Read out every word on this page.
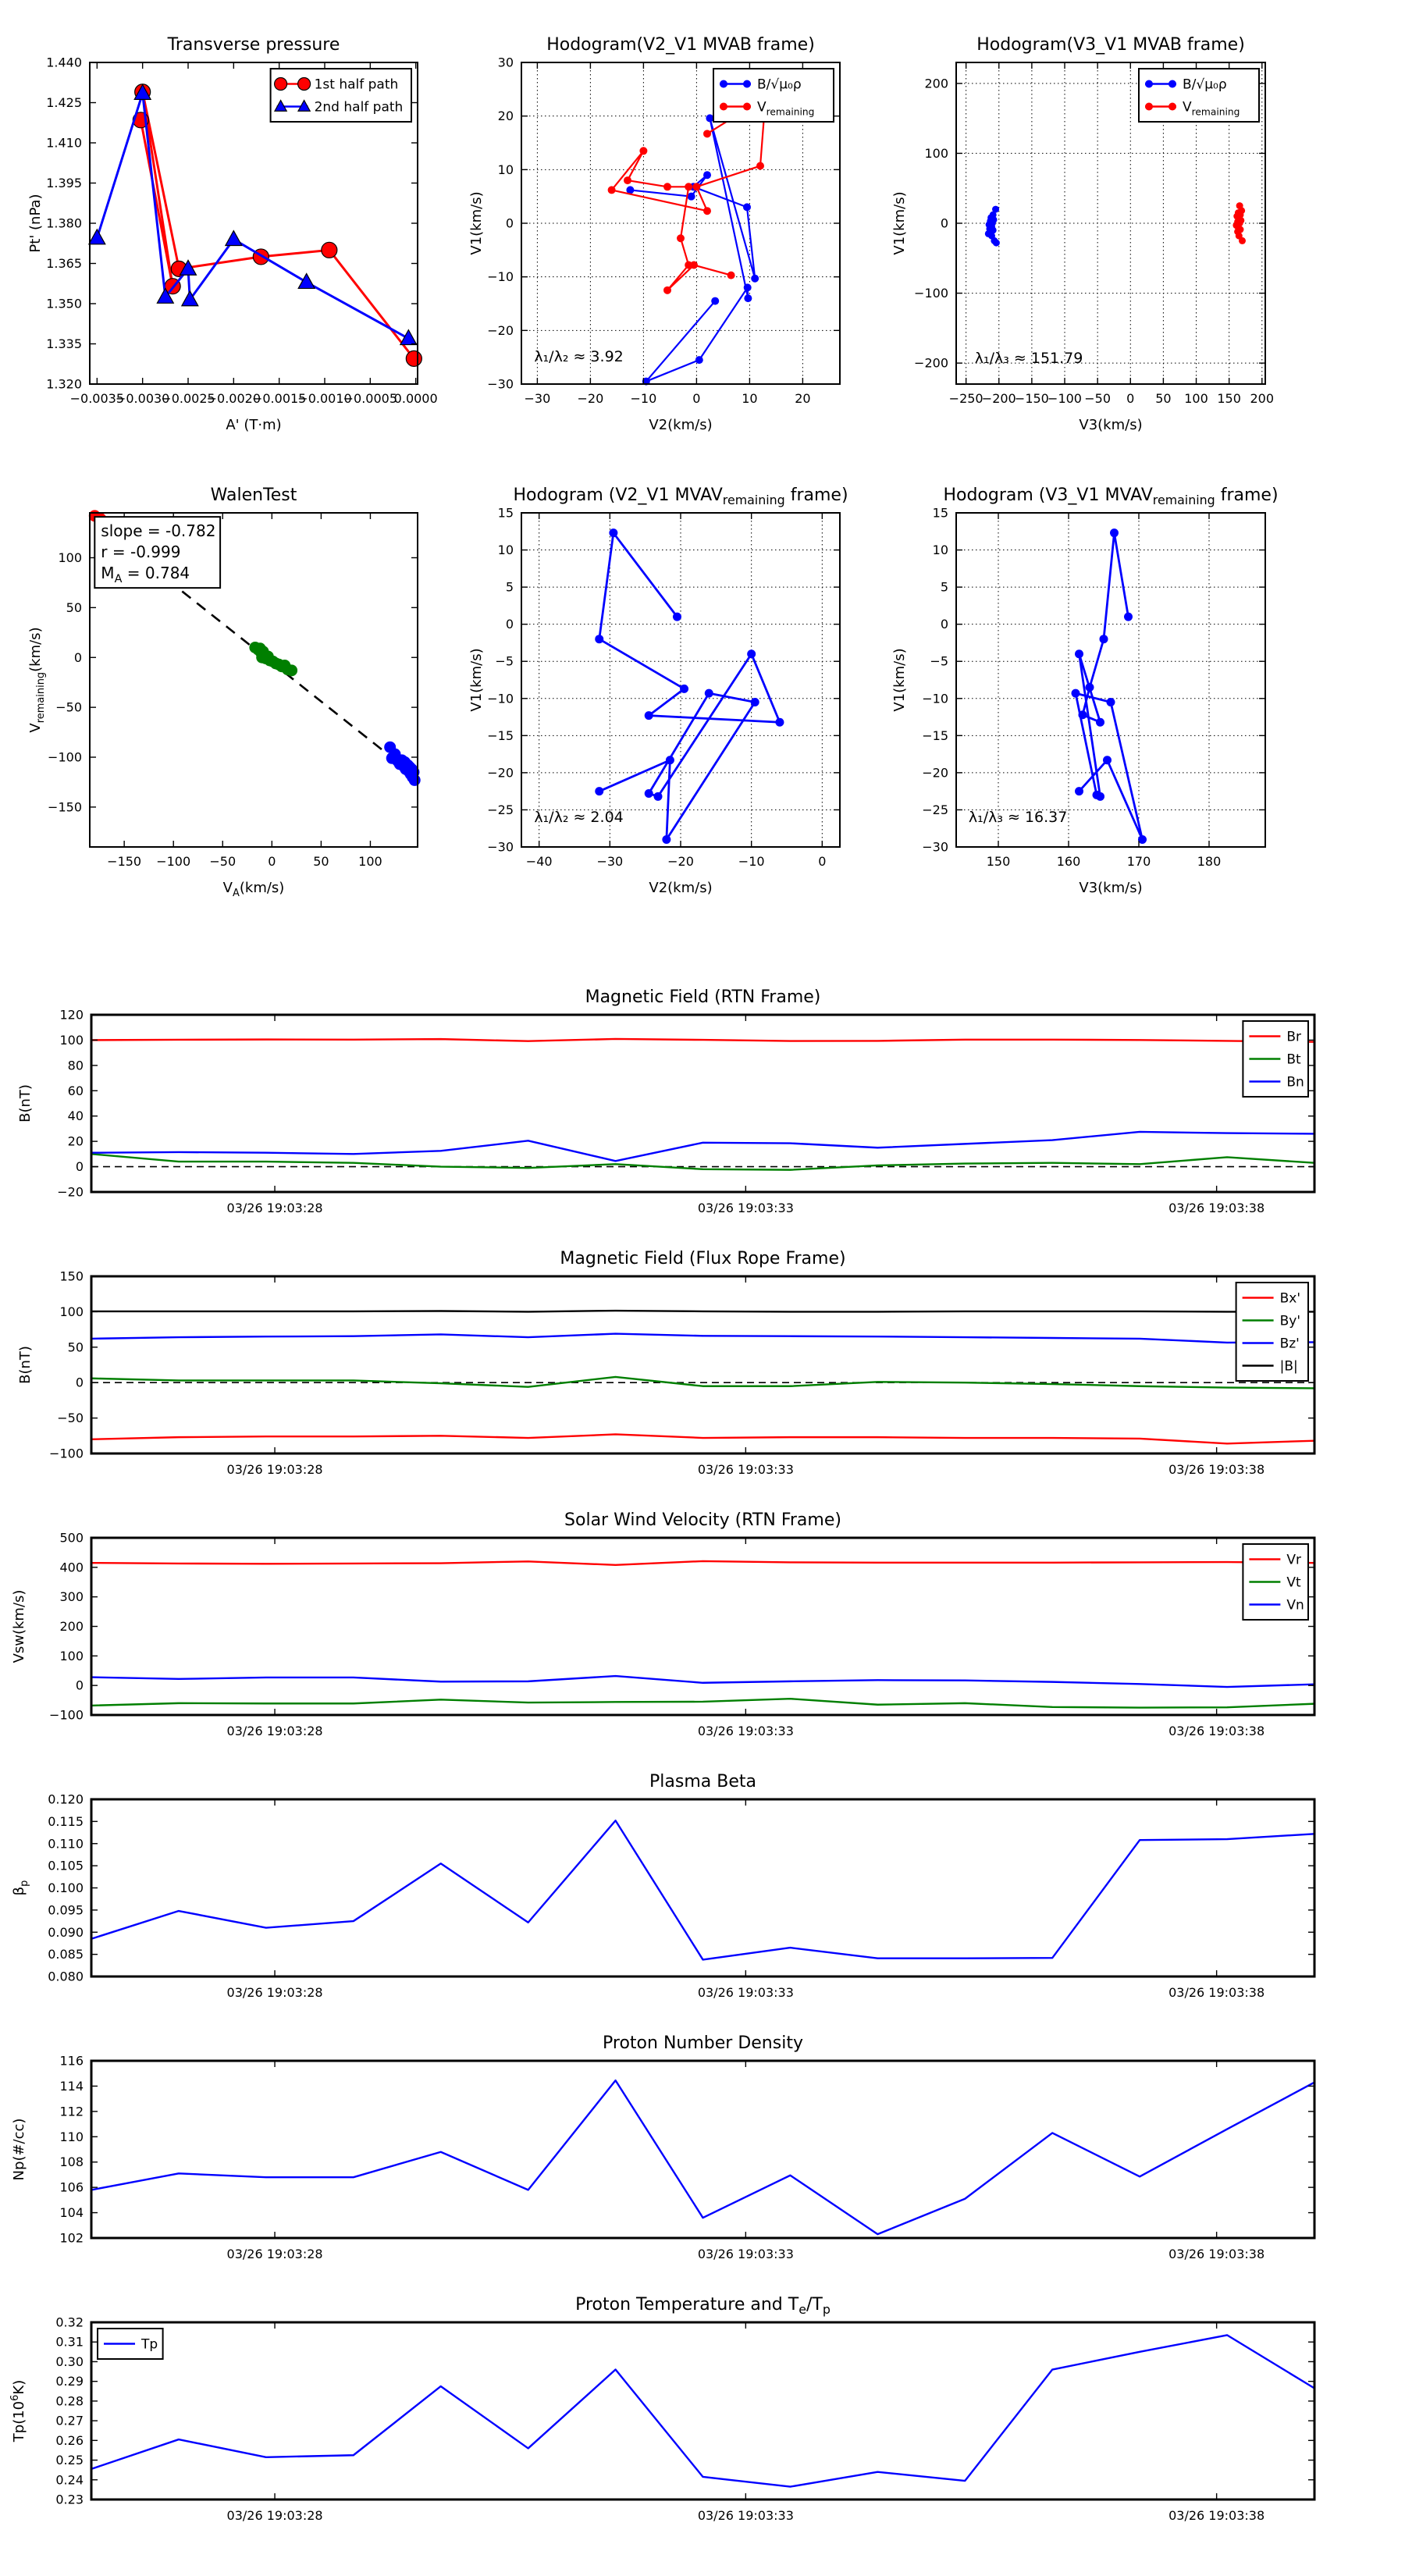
−0.0035
−0.0030
−0.0025
−0.0020
−0.0015
−0.0010
−0.0005
0.0000
1.320
1.335
1.350
1.365
1.380
1.395
1.410
1.425
1.440
Transverse pressure
A' (T·m)
Pt' (nPa)
1st half path
2nd half path
−30 −20 −10	0	10	20
−30
−20
−10
0
10
20
30
Hodogram(V2_V1 MVAB frame)
V2(km/s)
V1(km/s)
B/√μ₀ρ
$V_{remaining}$
λ₁/λ₂ ≈ 3.92
−250
−200
−150
−100 −50 0 50 100 150 200
−200
−100
0
100
200
Hodogram(V3_V1 MVAB frame)
V3(km/s)
V1(km/s)
B/√μ₀ρ
$V_{remaining}$
λ₁/λ₃ ≈ 151.79
−150 −100 −50	0	50 100
−150
−100
−50
0
50
100
WalenTest
$V_A(km/s)$
$V_{remaining}(km/s)$
slope = -0.782
r = -0.999
$M_A = 0.784$
−40	−30	−20	−10	0
−30
−25
−20
−15
−10
−5
0
5
10
15
Hodogram (V2_V1 $MVAV_{remaining}$ frame)
V2(km/s)
V1(km/s)
λ₁/λ₂ ≈ 2.04
150	160	170	180
−30
−25
−20
−15
−10
−5
0
5
10
15
Hodogram (V3_V1 $MVAV_{remaining}$ frame)
V3(km/s)
V1(km/s)
λ₁/λ₃ ≈ 16.37
03/26 19:03:28	03/26 19:03:33	03/26 19:03:38
−20
0
20
40
60
80
100
120
Magnetic Field (RTN Frame)
B(nT)
Br
Bt
Bn
03/26 19:03:28	03/26 19:03:33	03/26 19:03:38
−100
−50
0
50
100
150
Magnetic Field (Flux Rope Frame)
B(nT)
Bx'
By'
Bz'
|B|
03/26 19:03:28	03/26 19:03:33	03/26 19:03:38
−100
0
100
200
300
400
500
Solar Wind Velocity (RTN Frame)
Vsw(km/s)
Vr
Vt
Vn
03/26 19:03:28	03/26 19:03:33	03/26 19:03:38
0.080
0.085
0.090
0.095
0.100
0.105
0.110
0.115
0.120
Plasma Beta
$\beta_p$
03/26 19:03:28	03/26 19:03:33	03/26 19:03:38
102
104
106
108
110
112
114
116
Proton Number Density
Np(#/cc)
03/26 19:03:28	03/26 19:03:33	03/26 19:03:38
0.23
0.24
0.25
0.26
0.27
0.28
0.29
0.30
0.31
0.32
Proton Temperature and $T_e/T_p$
$Tp(10^6K)$
Tp
